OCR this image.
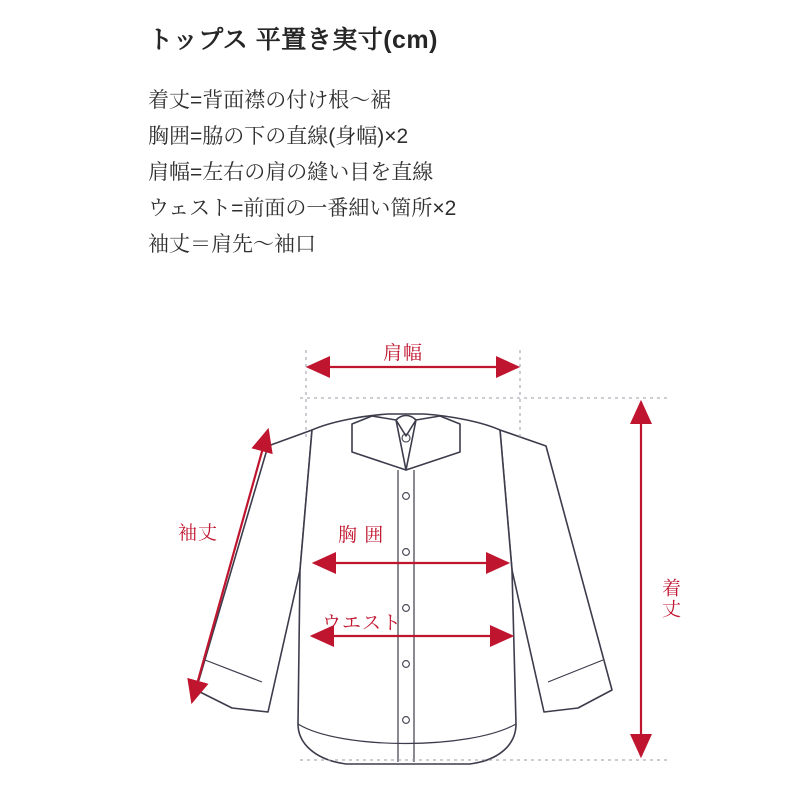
トップス 平置き実寸(cm)
着丈=背面襟の付け根〜裾
胸囲=脇の下の直線(身幅)×2
肩幅=左右の肩の縫い目を直線
ウェスト=前面の一番細い箇所×2
袖丈＝肩先〜袖口
肩幅
袖丈	胸 囲
ウエスト
着丈
